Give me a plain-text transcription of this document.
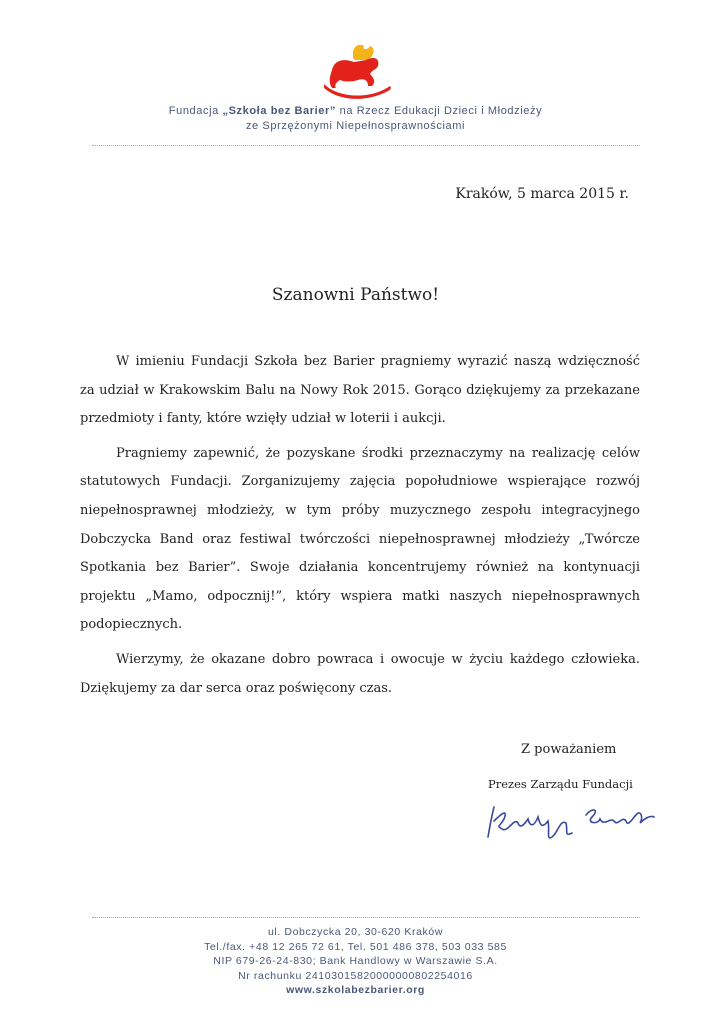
Fundacja „Szkoła bez Barier” na Rzecz Edukacji Dzieci i Młodzieży
ze Sprzężonymi Niepełnosprawnościami
Kraków, 5 marca 2015 r.
Szanowni Państwo!

W imieniu Fundacji Szkoła bez Barier pragniemy wyrazić naszą wdzięczność za udział w Krakowskim Balu na Nowy Rok 2015. Gorąco dziękujemy za przekazane przedmioty i fanty, które wzięły udział w loterii i aukcji.

Pragniemy zapewnić, że pozyskane środki przeznaczymy na realizację celów statutowych Fundacji. Zorganizujemy zajęcia popołudniowe wspierające rozwój niepełnosprawnej młodzieży, w tym próby muzycznego zespołu integracyjnego Dobczycka Band oraz festiwal twórczości niepełnosprawnej młodzieży „Twórcze Spotkania bez Barier”. Swoje działania koncentrujemy również na kontynuacji projektu „Mamo, odpocznij!”, który wspiera matki naszych niepełnosprawnych podopiecznych.

Wierzymy, że okazane dobro powraca i owocuje w życiu każdego człowieka. Dziękujemy za dar serca oraz poświęcony czas.

Z poważaniem
Prezes Zarządu Fundacji
ul. Dobczycka 20, 30-620 Kraków
Tel./fax. +48 12 265 72 61, Tel. 501 486 378, 503 033 585
NIP 679-26-24-830; Bank Handlowy w Warszawie S.A.
Nr rachunku 24103015820000000802254016
www.szkolabezbarier.org
